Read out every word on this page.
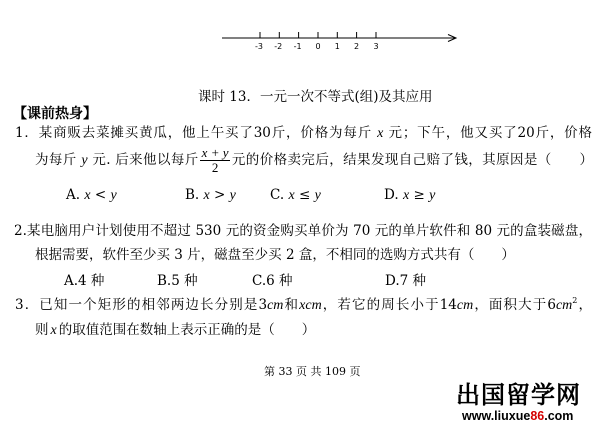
-3 -2 -1 0 1 2 3
课时 13．一元一次不等式(组)及其应用
【课前热身】
1．某商贩去菜摊买黄瓜，他上午买了30斤，价格为每斤 x 元；下午，他又买了20斤，价格
为每斤 y 元. 后来他以每斤 $\frac{x + y}{2}$ 元的价格卖完后，结果发现自己赔了钱，其原因是（　　）
A. x < y	B. x > y	C. x ≤ y	D. x ≥ y
2.某电脑用户计划使用不超过 530 元的资金购买单价为 70 元的单片软件和 80 元的盒装磁盘，
根据需要，软件至少买 3 片，磁盘至少买 2 盒，不相同的选购方式共有（　　）
A.4 种	B.5 种	C.6 种	D.7 种
3．已知一个矩形的相邻两边长分别是3cm和xcm，若它的周长小于14cm，面积大于$6cm^2$，
则 x 的取值范围在数轴上表示正确的是（　　）
第 33 页 共 109 页
出国留学网
www.liuxue86.com
